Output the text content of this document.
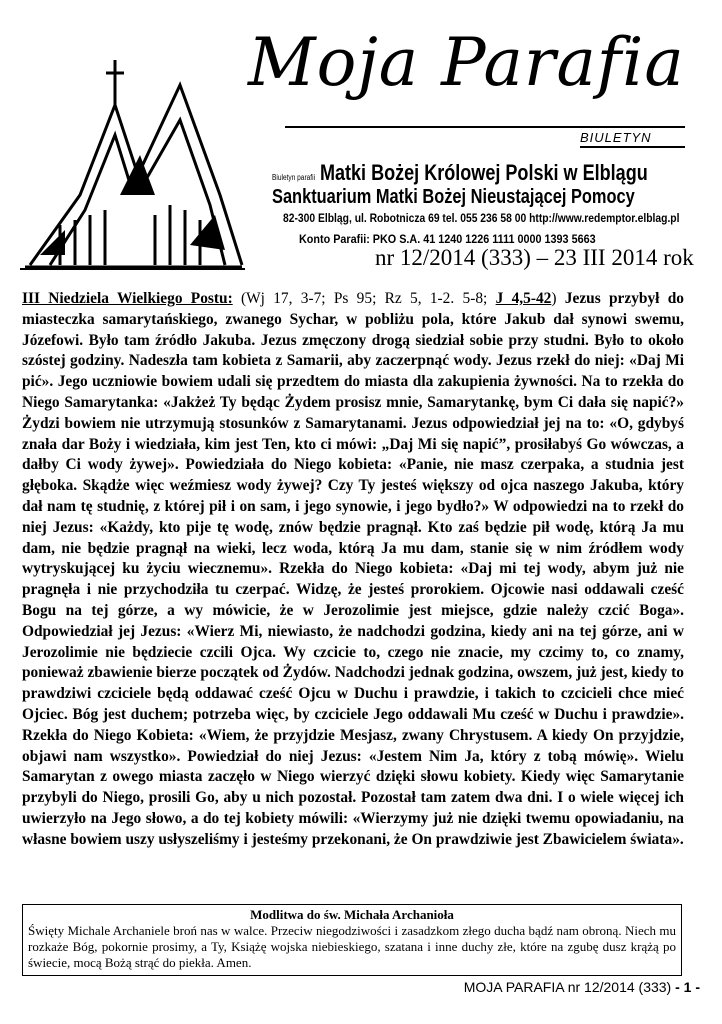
Moja Parafia
BIULETYN
Biuletyn parafii Matki Bożej Królowej Polski w Elblągu
Sanktuarium Matki Bożej Nieustającej Pomocy
82-300 Elbląg, ul. Robotnicza 69 tel. 055 236 58 00 http://www.redemptor.elblag.pl
Konto Parafii: PKO S.A. 41 1240 1226 1111 0000 1393 5663
nr 12/2014 (333) – 23 III 2014 rok
III Niedziela Wielkiego Postu: (Wj 17, 3-7; Ps 95; Rz 5, 1-2. 5-8; J 4,5-42) Jezus przybył do miasteczka samarytańskiego, zwanego Sychar, w pobliżu pola, które Jakub dał synowi swemu, Józefowi. Było tam źródło Jakuba. Jezus zmęczony drogą siedział sobie przy studni. Było to około szóstej godziny. Nadeszła tam kobieta z Samarii, aby zaczerpnąć wody. Jezus rzekł do niej: «Daj Mi pić». Jego uczniowie bowiem udali się przedtem do miasta dla zakupienia żywności. Na to rzekła do Niego Samarytanka: «Jakżeż Ty będąc Żydem prosisz mnie, Samarytankę, bym Ci dała się napić?» Żydzi bowiem nie utrzymują stosunków z Samarytanami. Jezus odpowiedział jej na to: «O, gdybyś znała dar Boży i wiedziała, kim jest Ten, kto ci mówi: „Daj Mi się napić”, prosiłabyś Go wówczas, a dałby Ci wody żywej». Powiedziała do Niego kobieta: «Panie, nie masz czerpaka, a studnia jest głęboka. Skądże więc weźmiesz wody żywej? Czy Ty jesteś większy od ojca naszego Jakuba, który dał nam tę studnię, z której pił i on sam, i jego synowie, i jego bydło?» W odpowiedzi na to rzekł do niej Jezus: «Każdy, kto pije tę wodę, znów będzie pragnął. Kto zaś będzie pił wodę, którą Ja mu dam, nie będzie pragnął na wieki, lecz woda, którą Ja mu dam, stanie się w nim źródłem wody wytryskującej ku życiu wiecznemu». Rzekła do Niego kobieta: «Daj mi tej wody, abym już nie pragnęła i nie przychodziła tu czerpać. Widzę, że jesteś prorokiem. Ojcowie nasi oddawali cześć Bogu na tej górze, a wy mówicie, że w Jerozolimie jest miejsce, gdzie należy czcić Boga». Odpowiedział jej Jezus: «Wierz Mi, niewiasto, że nadchodzi godzina, kiedy ani na tej górze, ani w Jerozolimie nie będziecie czcili Ojca. Wy czcicie to, czego nie znacie, my czcimy to, co znamy, ponieważ zbawienie bierze początek od Żydów. Nadchodzi jednak godzina, owszem, już jest, kiedy to prawdziwi czciciele będą oddawać cześć Ojcu w Duchu i prawdzie, i takich to czcicieli chce mieć Ojciec. Bóg jest duchem; potrzeba więc, by czciciele Jego oddawali Mu cześć w Duchu i prawdzie». Rzekła do Niego Kobieta: «Wiem, że przyjdzie Mesjasz, zwany Chrystusem. A kiedy On przyjdzie, objawi nam wszystko». Powiedział do niej Jezus: «Jestem Nim Ja, który z tobą mówię». Wielu Samarytan z owego miasta zaczęło w Niego wierzyć dzięki słowu kobiety. Kiedy więc Samarytanie przybyli do Niego, prosili Go, aby u nich pozostał. Pozostał tam zatem dwa dni. I o wiele więcej ich uwierzyło na Jego słowo, a do tej kobiety mówili: «Wierzymy już nie dzięki twemu opowiadaniu, na własne bowiem uszy usłyszeliśmy i jesteśmy przekonani, że On prawdziwie jest Zbawicielem świata».
Modlitwa do św. Michała Archanioła
Święty Michale Archaniele broń nas w walce. Przeciw niegodziwości i zasadzkom złego ducha bądź nam obroną. Niech mu rozkaże Bóg, pokornie prosimy, a Ty, Książę wojska niebieskiego, szatana i inne duchy złe, które na zgubę dusz krążą po świecie, mocą Bożą strąć do piekła. Amen.
MOJA PARAFIA nr 12/2014 (333) - 1 -
